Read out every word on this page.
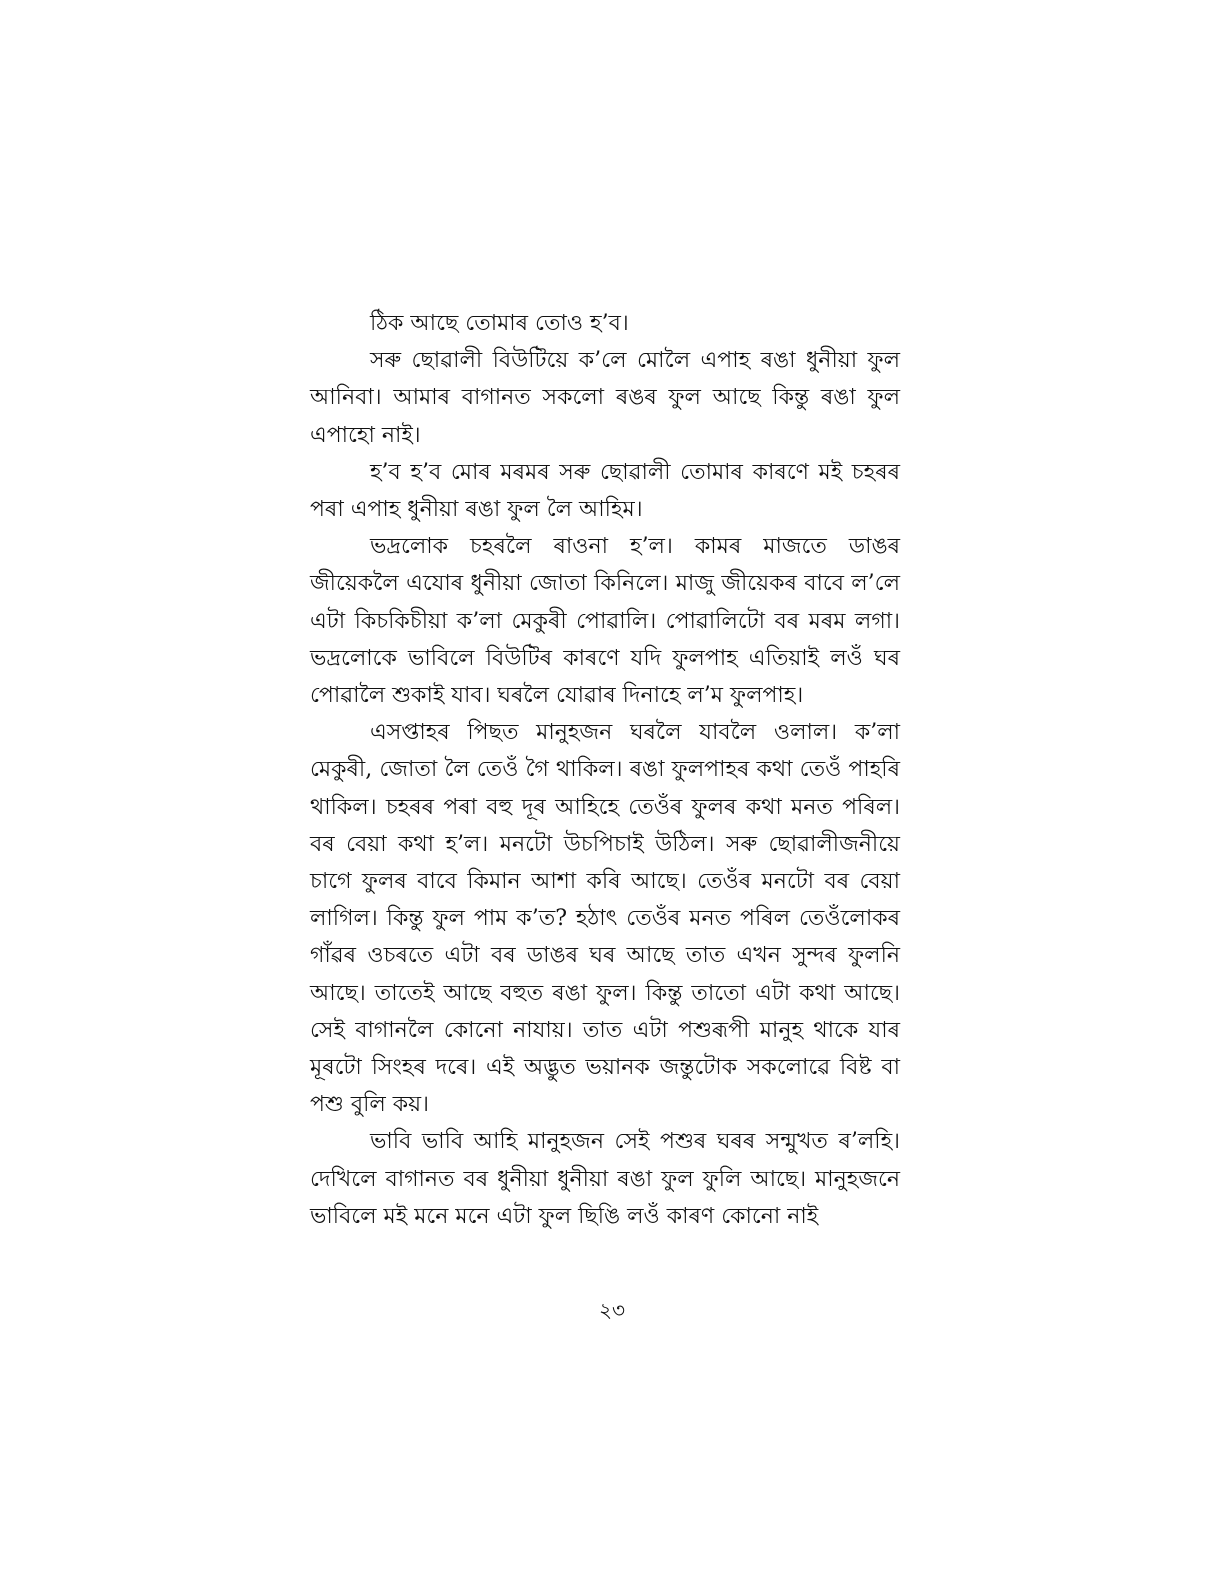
ঠিক আছে তোমাৰ তোও হ’ব।

সৰু ছোৱালী বিউটিয়ে ক’লে মোলৈ এপাহ ৰঙা ধুনীয়া ফুল আনিবা। আমাৰ বাগানত সকলো ৰঙৰ ফুল আছে কিন্তু ৰঙা ফুল এপাহো নাই।

হ’ব হ’ব মোৰ মৰমৰ সৰু ছোৱালী তোমাৰ কাৰণে মই চহৰৰ পৰা এপাহ ধুনীয়া ৰঙা ফুল লৈ আহিম।

ভদ্ৰলোক চহৰলৈ ৰাওনা হ’ল। কামৰ মাজতে ডাঙৰ জীয়েকলৈ এযোৰ ধুনীয়া জোতা কিনিলে। মাজু জীয়েকৰ বাবে ল’লে এটা কিচকিচীয়া ক’লা মেকুৰী পোৱালি। পোৱালিটো বৰ মৰম লগা। ভদ্ৰলোকে ভাবিলে বিউটিৰ কাৰণে যদি ফুলপাহ এতিয়াই লওঁ ঘৰ পোৱালৈ শুকাই যাব। ঘৰলৈ যোৱাৰ দিনাহে ল’ম ফুলপাহ।

এসপ্তাহৰ পিছত মানুহজন ঘৰলৈ যাবলৈ ওলাল। ক’লা মেকুৰী, জোতা লৈ তেওঁ গৈ থাকিল। ৰঙা ফুলপাহৰ কথা তেওঁ পাহৰি থাকিল। চহৰৰ পৰা বহু দূৰ আহিহে তেওঁৰ ফুলৰ কথা মনত পৰিল। বৰ বেয়া কথা হ’ল। মনটো উচপিচাই উঠিল। সৰু ছোৱালীজনীয়ে চাগে ফুলৰ বাবে কিমান আশা কৰি আছে। তেওঁৰ মনটো বৰ বেয়া লাগিল। কিন্তু ফুল পাম ক’ত? হঠাৎ তেওঁৰ মনত পৰিল তেওঁলোকৰ গাঁৱৰ ওচৰতে এটা বৰ ডাঙৰ ঘৰ আছে তাত এখন সুন্দৰ ফুলনি আছে। তাতেই আছে বহুত ৰঙা ফুল। কিন্তু তাতো এটা কথা আছে। সেই বাগানলৈ কোনো নাযায়। তাত এটা পশুৰূপী মানুহ থাকে যাৰ মূৰটো সিংহৰ দৰে। এই অদ্ভুত ভয়ানক জন্তুটোক সকলোৱে বিষ্ট বা পশু বুলি কয়।

ভাবি ভাবি আহি মানুহজন সেই পশুৰ ঘৰৰ সন্মুখত ৰ’লহি। দেখিলে বাগানত বৰ ধুনীয়া ধুনীয়া ৰঙা ফুল ফুলি আছে। মানুহজনে ভাবিলে মই মনে মনে এটা ফুল ছিঙি লওঁ কাৰণ কোনো নাই

২৩
